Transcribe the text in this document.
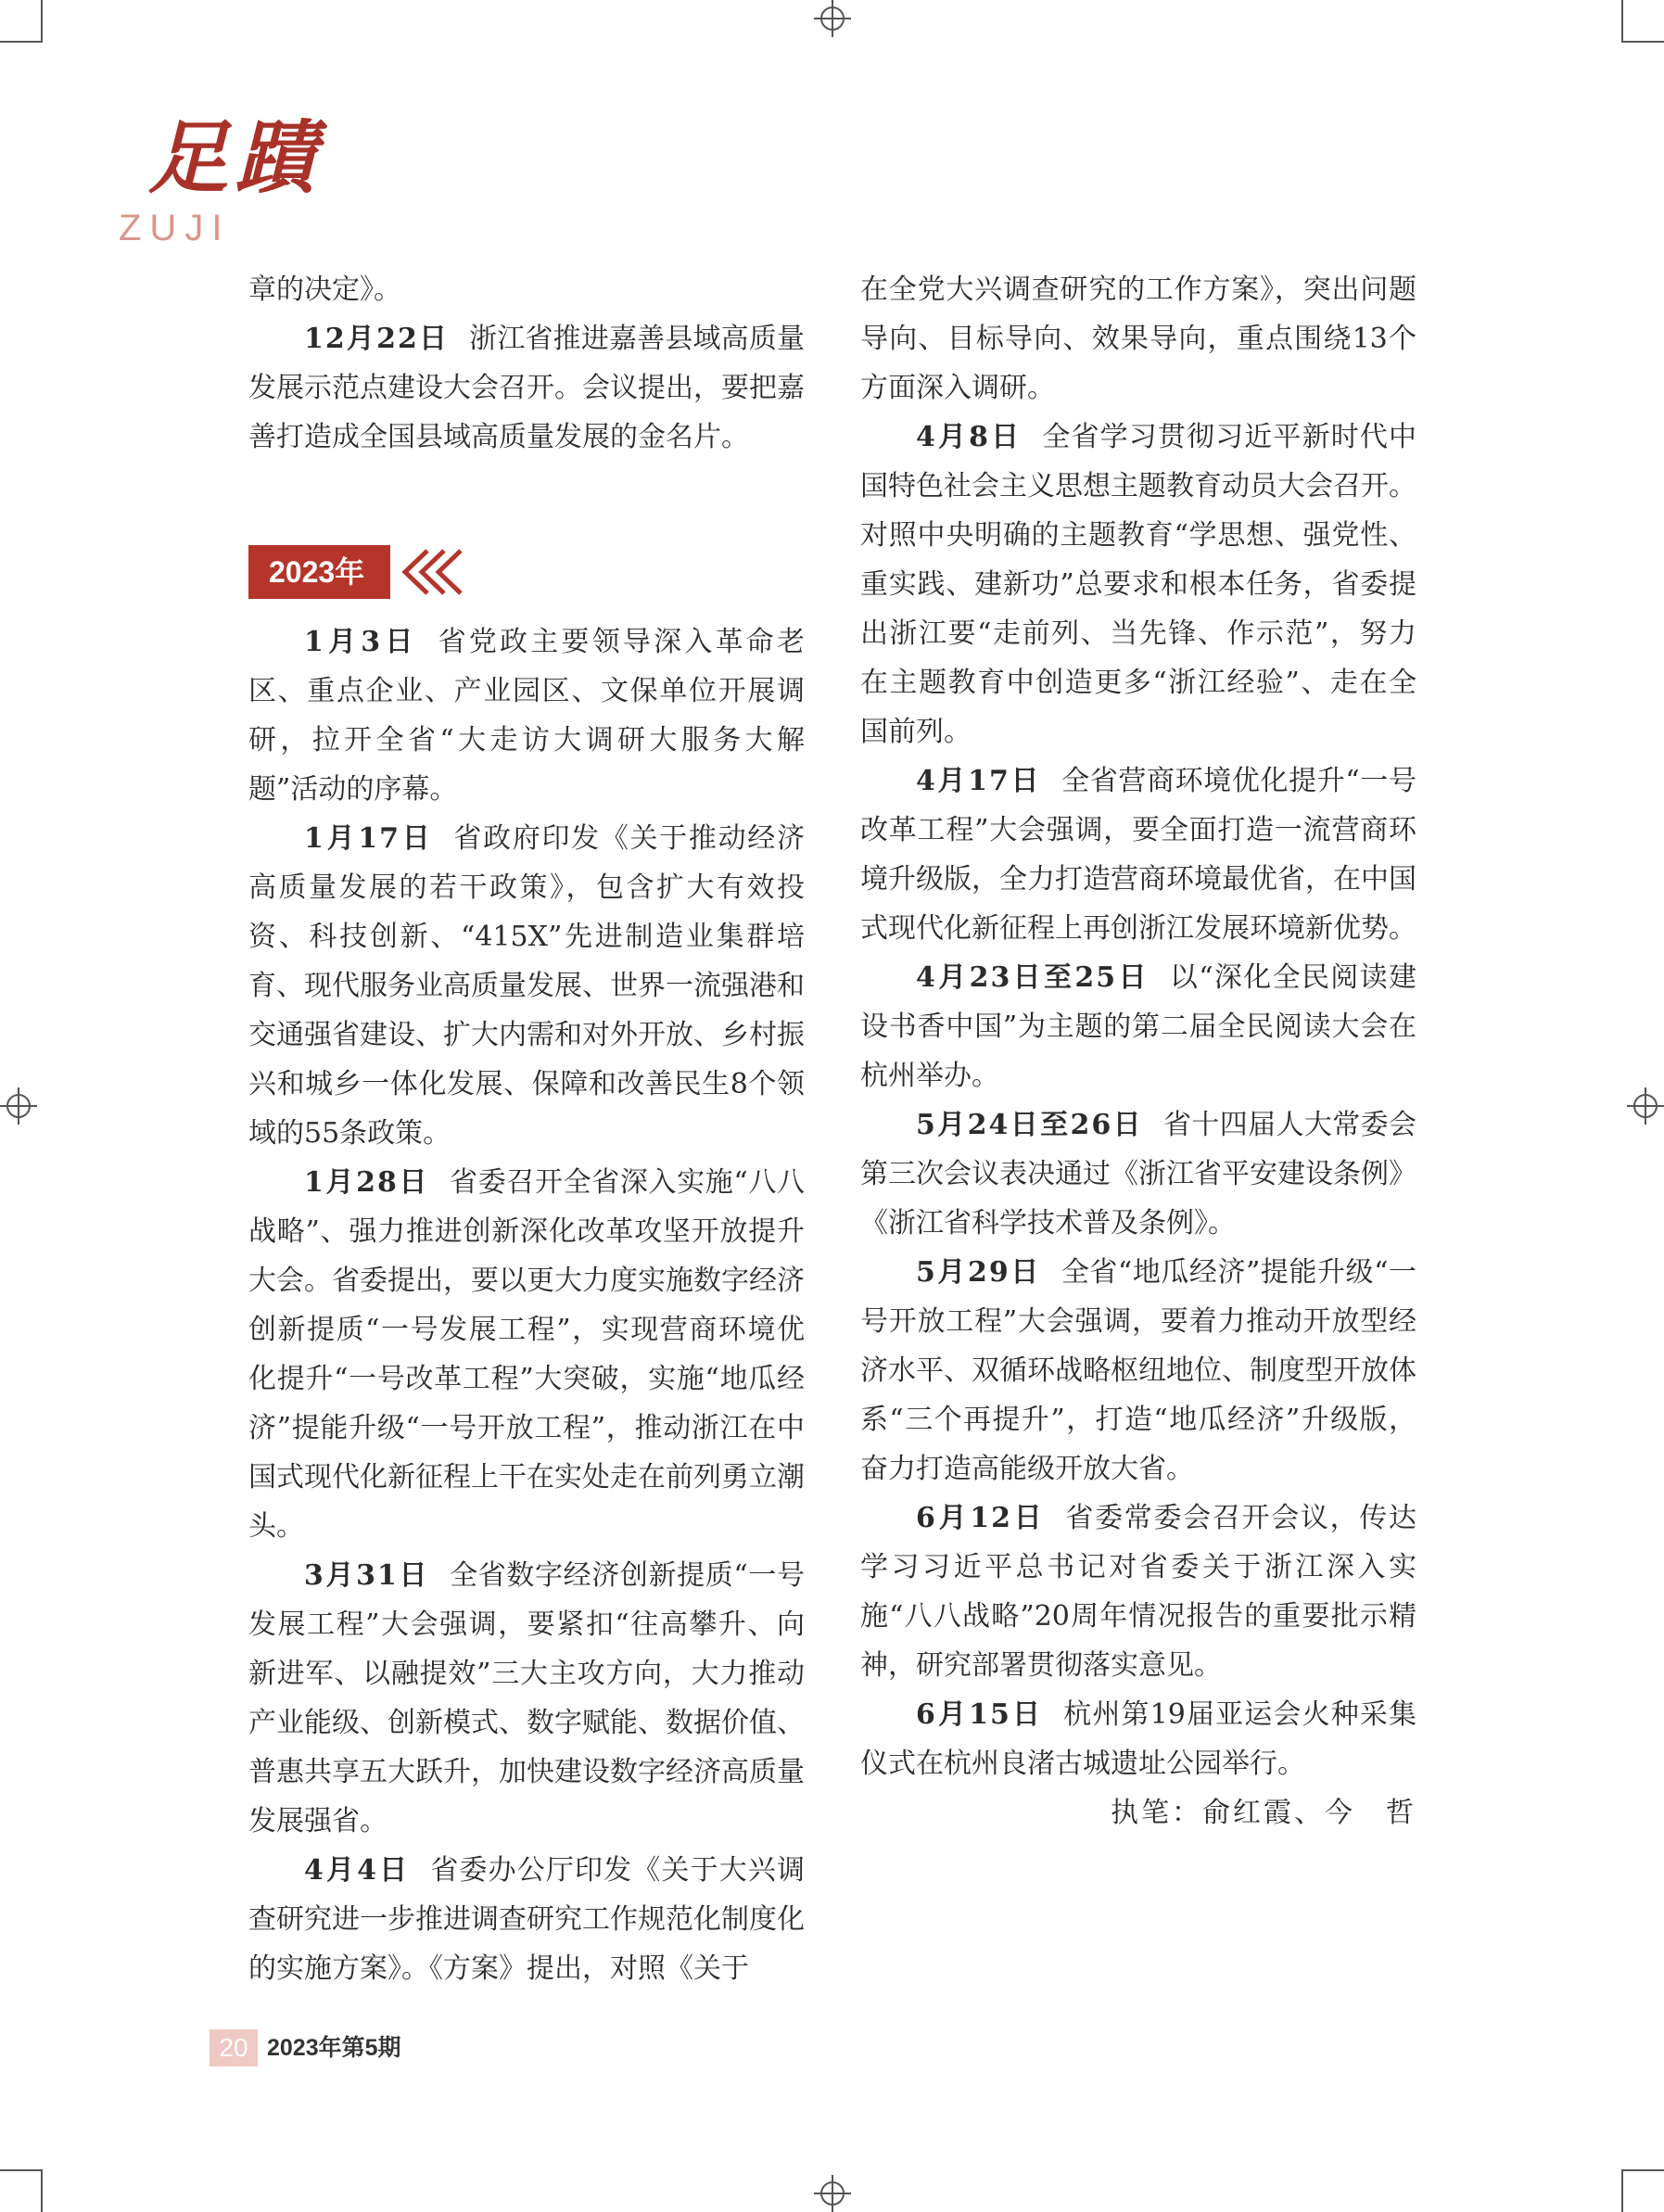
足蹟
ZUJI

章的决定》。

12月22日 浙江省推进嘉善县域高质量发展示范点建设大会召开。会议提出，要把嘉善打造成全国县域高质量发展的金名片。

2023年

1月3日 省党政主要领导深入革命老区、重点企业、产业园区、文保单位开展调研，拉开全省“大走访大调研大服务大解题”活动的序幕。

1月17日 省政府印发《关于推动经济高质量发展的若干政策》，包含扩大有效投资、科技创新、“415X”先进制造业集群培育、现代服务业高质量发展、世界一流强港和交通强省建设、扩大内需和对外开放、乡村振兴和城乡一体化发展、保障和改善民生8个领域的55条政策。

1月28日 省委召开全省深入实施“八八战略”、强力推进创新深化改革攻坚开放提升大会。省委提出，要以更大力度实施数字经济创新提质“一号发展工程”，实现营商环境优化提升“一号改革工程”大突破，实施“地瓜经济”提能升级“一号开放工程”，推动浙江在中国式现代化新征程上干在实处走在前列勇立潮头。

3月31日 全省数字经济创新提质“一号发展工程”大会强调，要紧扣“往高攀升、向新进军、以融提效”三大主攻方向，大力推动产业能级、创新模式、数字赋能、数据价值、普惠共享五大跃升，加快建设数字经济高质量发展强省。

4月4日 省委办公厅印发《关于大兴调查研究进一步推进调查研究工作规范化制度化的实施方案》。《方案》提出，对照《关于

在全党大兴调查研究的工作方案》，突出问题导向、目标导向、效果导向，重点围绕13个方面深入调研。

4月8日 全省学习贯彻习近平新时代中国特色社会主义思想主题教育动员大会召开。对照中央明确的主题教育“学思想、强党性、重实践、建新功”总要求和根本任务，省委提出浙江要“走前列、当先锋、作示范”，努力在主题教育中创造更多“浙江经验”、走在全国前列。

4月17日 全省营商环境优化提升“一号改革工程”大会强调，要全面打造一流营商环境升级版，全力打造营商环境最优省，在中国式现代化新征程上再创浙江发展环境新优势。

4月23日至25日 以“深化全民阅读建设书香中国”为主题的第二届全民阅读大会在杭州举办。

5月24日至26日 省十四届人大常委会第三次会议表决通过《浙江省平安建设条例》《浙江省科学技术普及条例》。

5月29日 全省“地瓜经济”提能升级“一号开放工程”大会强调，要着力推动开放型经济水平、双循环战略枢纽地位、制度型开放体系“三个再提升”，打造“地瓜经济”升级版，奋力打造高能级开放大省。

6月12日 省委常委会召开会议，传达学习习近平总书记对省委关于浙江深入实施“八八战略”20周年情况报告的重要批示精神，研究部署贯彻落实意见。

6月15日 杭州第19届亚运会火种采集仪式在杭州良渚古城遗址公园举行。

执笔：俞红霞、今　哲

20 2023年第5期
